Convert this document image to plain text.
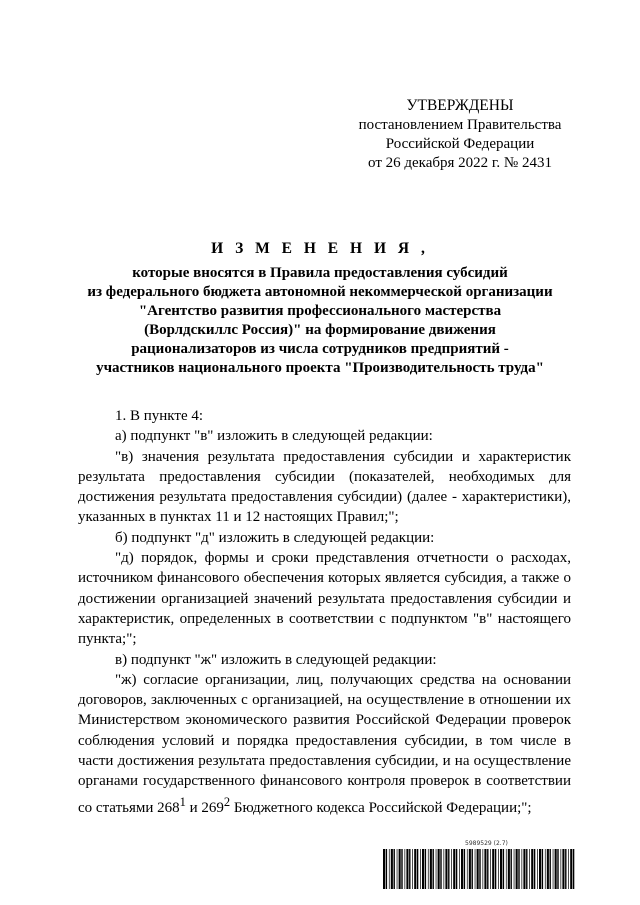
УТВЕРЖДЕНЫ
постановлением Правительства
Российской Федерации
от 26 декабря 2022 г. № 2431
И З М Е Н Е Н И Я ,
которые вносятся в Правила предоставления субсидий
из федерального бюджета автономной некоммерческой организации
"Агентство развития профессионального мастерства
(Ворлдскиллс Россия)" на формирование движения
рационализаторов из числа сотрудников предприятий -
участников национального проекта "Производительность труда"

1. В пункте 4:

а) подпункт "в" изложить в следующей редакции:

"в) значения результата предоставления субсидии и характеристик результата предоставления субсидии (показателей, необходимых для достижения результата предоставления субсидии) (далее - характеристики), указанных в пунктах 11 и 12 настоящих Правил;";

б) подпункт "д" изложить в следующей редакции:

"д) порядок, формы и сроки представления отчетности о расходах, источником финансового обеспечения которых является субсидия, а также о достижении организацией значений результата предоставления субсидии и характеристик, определенных в соответствии с подпунктом "в" настоящего пункта;";

в) подпункт "ж" изложить в следующей редакции:

"ж) согласие организации, лиц, получающих средства на основании договоров, заключенных с организацией, на осуществление в отношении их Министерством экономического развития Российской Федерации проверок соблюдения условий и порядка предоставления субсидии, в том числе в части достижения результата предоставления субсидии, и на осуществление органами государственного финансового контроля проверок в соответствии со статьями $268^1$ и $269^2$ Бюджетного кодекса Российской Федерации;";

5989529 (2.7)
